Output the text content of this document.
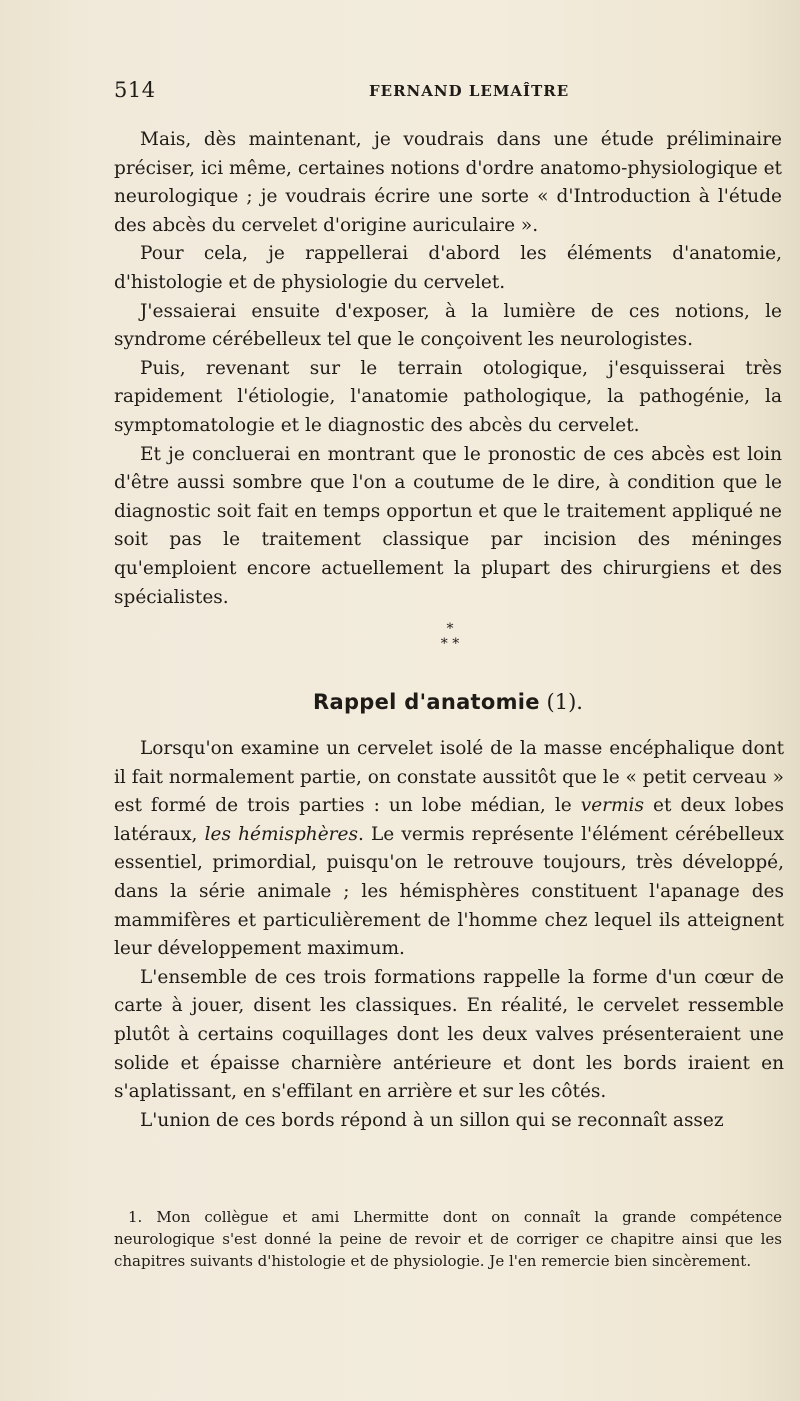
514	FERNAND LEMAÎTRE

Mais, dès maintenant, je voudrais dans une étude préliminaire préciser, ici même, certaines notions d'ordre anatomo-physiologique et neurologique ; je voudrais écrire une sorte « d'Introduction à l'étude des abcès du cervelet d'origine auriculaire ».

Pour cela, je rappellerai d'abord les éléments d'anatomie, d'histologie et de physiologie du cervelet.

J'essaierai ensuite d'exposer, à la lumière de ces notions, le syndrome cérébelleux tel que le conçoivent les neurologistes.

Puis, revenant sur le terrain otologique, j'esquisserai très rapidement l'étiologie, l'anatomie pathologique, la pathogénie, la symptomatologie et le diagnostic des abcès du cervelet.

Et je concluerai en montrant que le pronostic de ces abcès est loin d'être aussi sombre que l'on a coutume de le dire, à condition que le diagnostic soit fait en temps opportun et que le traitement appliqué ne soit pas le traitement classique par incision des méninges qu'emploient encore actuellement la plupart des chirurgiens et des spécialistes.

*
* *
Rappel d'anatomie (1).

Lorsqu'on examine un cervelet isolé de la masse encéphalique dont il fait normalement partie, on constate aussitôt que le « petit cerveau » est formé de trois parties : un lobe médian, le vermis et deux lobes latéraux, les hémisphères. Le vermis représente l'élément cérébelleux essentiel, primordial, puisqu'on le retrouve toujours, très développé, dans la série animale ; les hémisphères constituent l'apanage des mammifères et particulièrement de l'homme chez lequel ils atteignent leur développement maximum.

L'ensemble de ces trois formations rappelle la forme d'un cœur de carte à jouer, disent les classiques. En réalité, le cervelet ressemble plutôt à certains coquillages dont les deux valves présenteraient une solide et épaisse charnière antérieure et dont les bords iraient en s'aplatissant, en s'effilant en arrière et sur les côtés.

L'union de ces bords répond à un sillon qui se reconnaît assez

1. Mon collègue et ami Lhermitte dont on connaît la grande compétence neurologique s'est donné la peine de revoir et de corriger ce chapitre ainsi que les chapitres suivants d'histologie et de physiologie. Je l'en remercie bien sincèrement.
